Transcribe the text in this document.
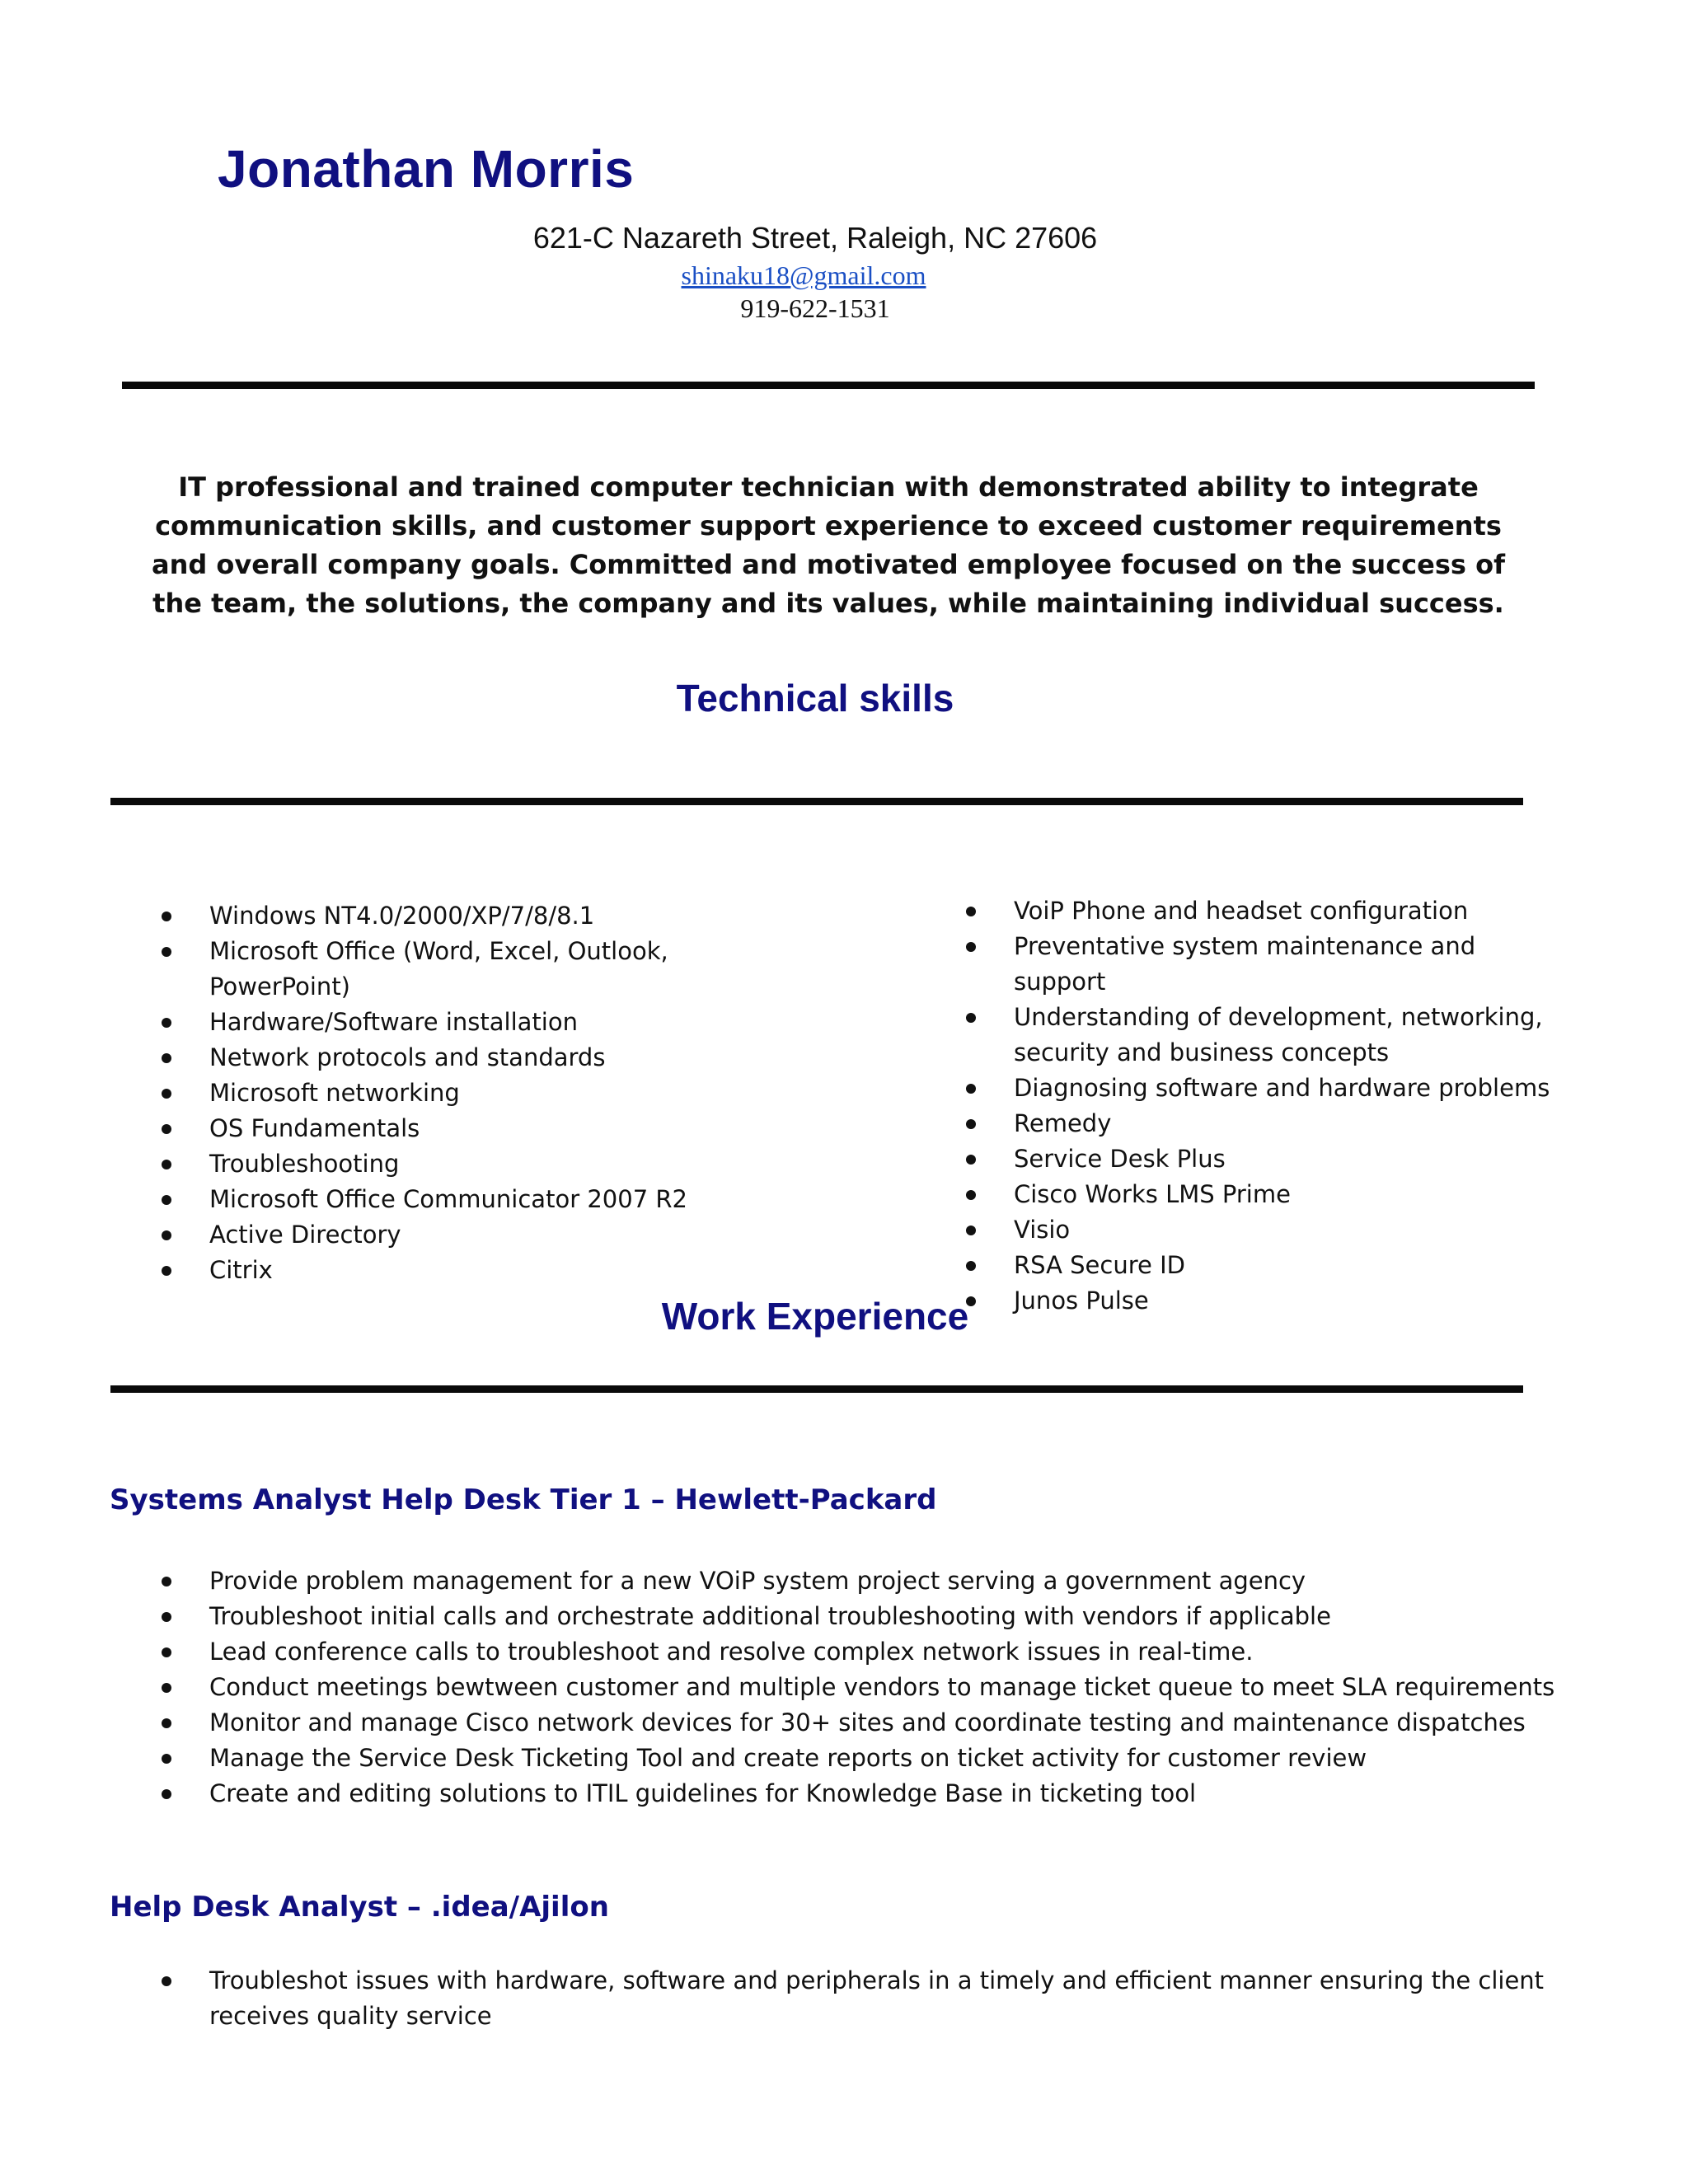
Jonathan Morris
621-C Nazareth Street, Raleigh, NC 27606
shinaku18@gmail.com
919-622-1531

IT professional and trained computer technician with demonstrated ability to integrate communication skills, and customer support experience to exceed customer requirements and overall company goals. Committed and motivated employee focused on the success of the team, the solutions, the company and its values, while maintaining individual success.

Technical skills
Windows NT4.0/2000/XP/7/8/8.1
Microsoft Office (Word, Excel, Outlook, PowerPoint)
Hardware/Software installation
Network protocols and standards
Microsoft networking
OS Fundamentals
Troubleshooting
Microsoft Office Communicator 2007 R2
Active Directory
Citrix
VoiP Phone and headset configuration
Preventative system maintenance and support
Understanding of development, networking, security and business concepts
Diagnosing software and hardware problems
Remedy
Service Desk Plus
Cisco Works LMS Prime
Visio
RSA Secure ID
Junos Pulse
Work Experience
Systems Analyst Help Desk Tier 1 – Hewlett-Packard
Provide problem management for a new VOiP system project serving a government agency
Troubleshoot initial calls and orchestrate additional troubleshooting with vendors if applicable
Lead conference calls to troubleshoot and resolve complex network issues in real-time.
Conduct meetings bewtween customer and multiple vendors to manage ticket queue to meet SLA requirements
Monitor and manage Cisco network devices for 30+ sites and coordinate testing and maintenance dispatches
Manage the Service Desk Ticketing Tool and create reports on ticket activity for customer review
Create and editing solutions to ITIL guidelines for Knowledge Base in ticketing tool
Help Desk Analyst – .idea/Ajilon
Troubleshot issues with hardware, software and peripherals in a timely and efficient manner ensuring the client receives quality service
